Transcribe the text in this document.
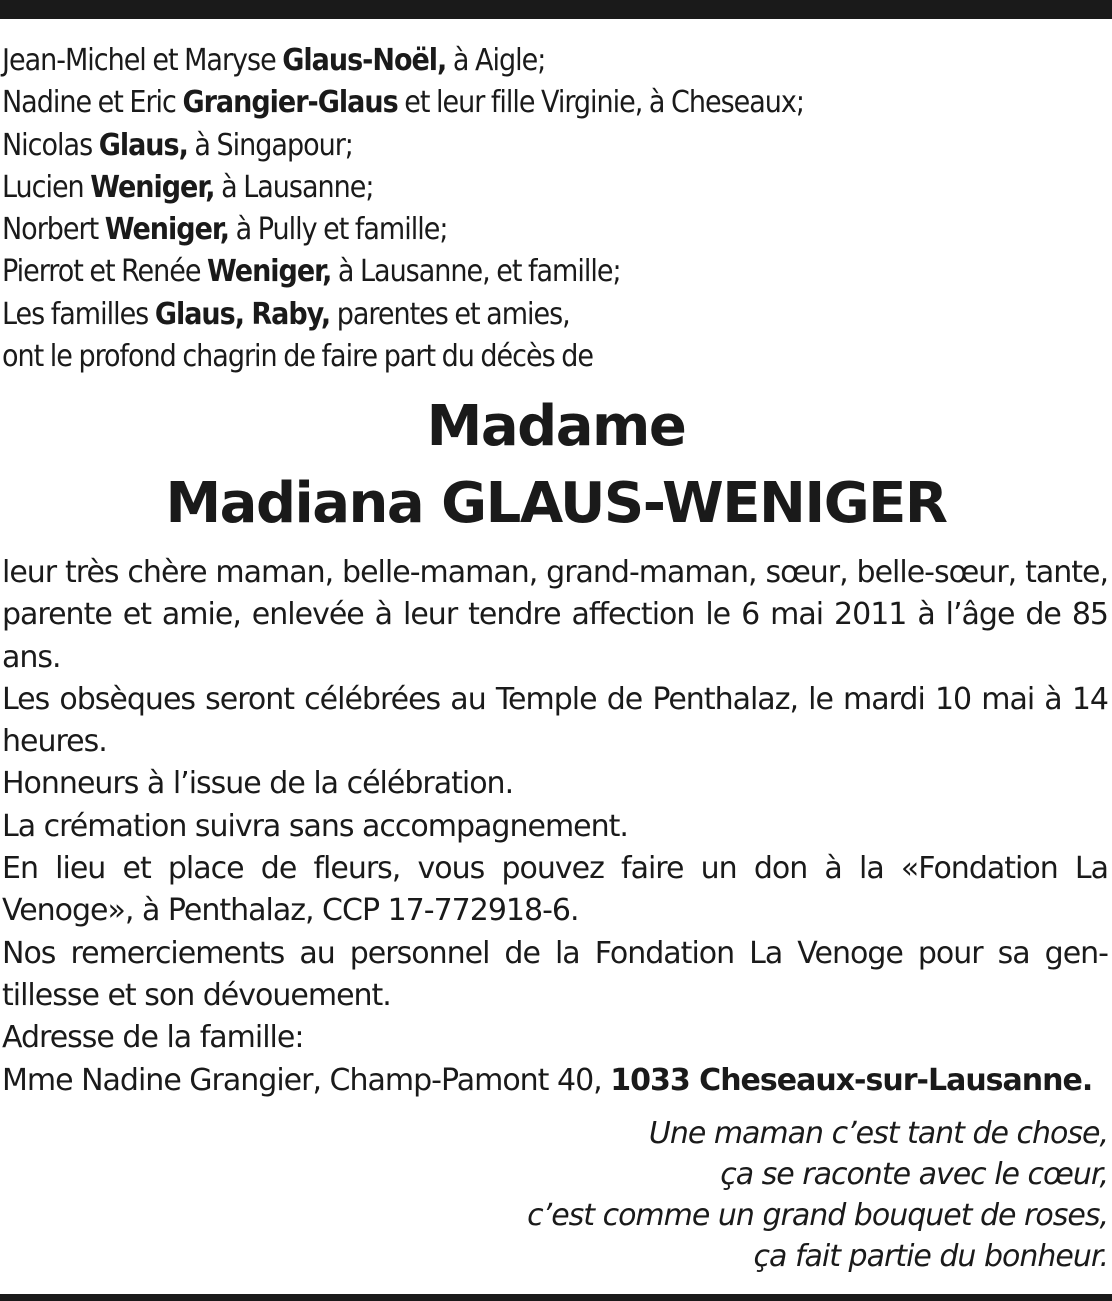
Jean-Michel et Maryse Glaus-Noël, à Aigle;
Nadine et Eric Grangier-Glaus et leur fille Virginie, à Cheseaux;
Nicolas Glaus, à Singapour;
Lucien Weniger, à Lausanne;
Norbert Weniger, à Pully et famille;
Pierrot et Renée Weniger, à Lausanne, et famille;
Les familles Glaus, Raby, parentes et amies,
ont le profond chagrin de faire part du décès de
Madame
Madiana GLAUS-WENIGER

leur très chère maman, belle-maman, grand-maman, sœur, belle-sœur, tante, parente et amie, enlevée à leur tendre affection le 6 mai 2011 à l’âge de 85 ans.

Les obsèques seront célébrées au Temple de Penthalaz, le mardi 10 mai à 14 heures.

Honneurs à l’issue de la célébration.

La crémation suivra sans accompagnement.

En lieu et place de fleurs, vous pouvez faire un don à la «Fondation La Venoge», à Penthalaz, CCP 17-772918-6.

Nos remerciements au personnel de la Fondation La Venoge pour sa gen-tillesse et son dévouement.

Adresse de la famille:

Mme Nadine Grangier, Champ-Pamont 40, 1033 Cheseaux-sur-Lausanne.

Une maman c’est tant de chose,
ça se raconte avec le cœur,
c’est comme un grand bouquet de roses,
ça fait partie du bonheur.
